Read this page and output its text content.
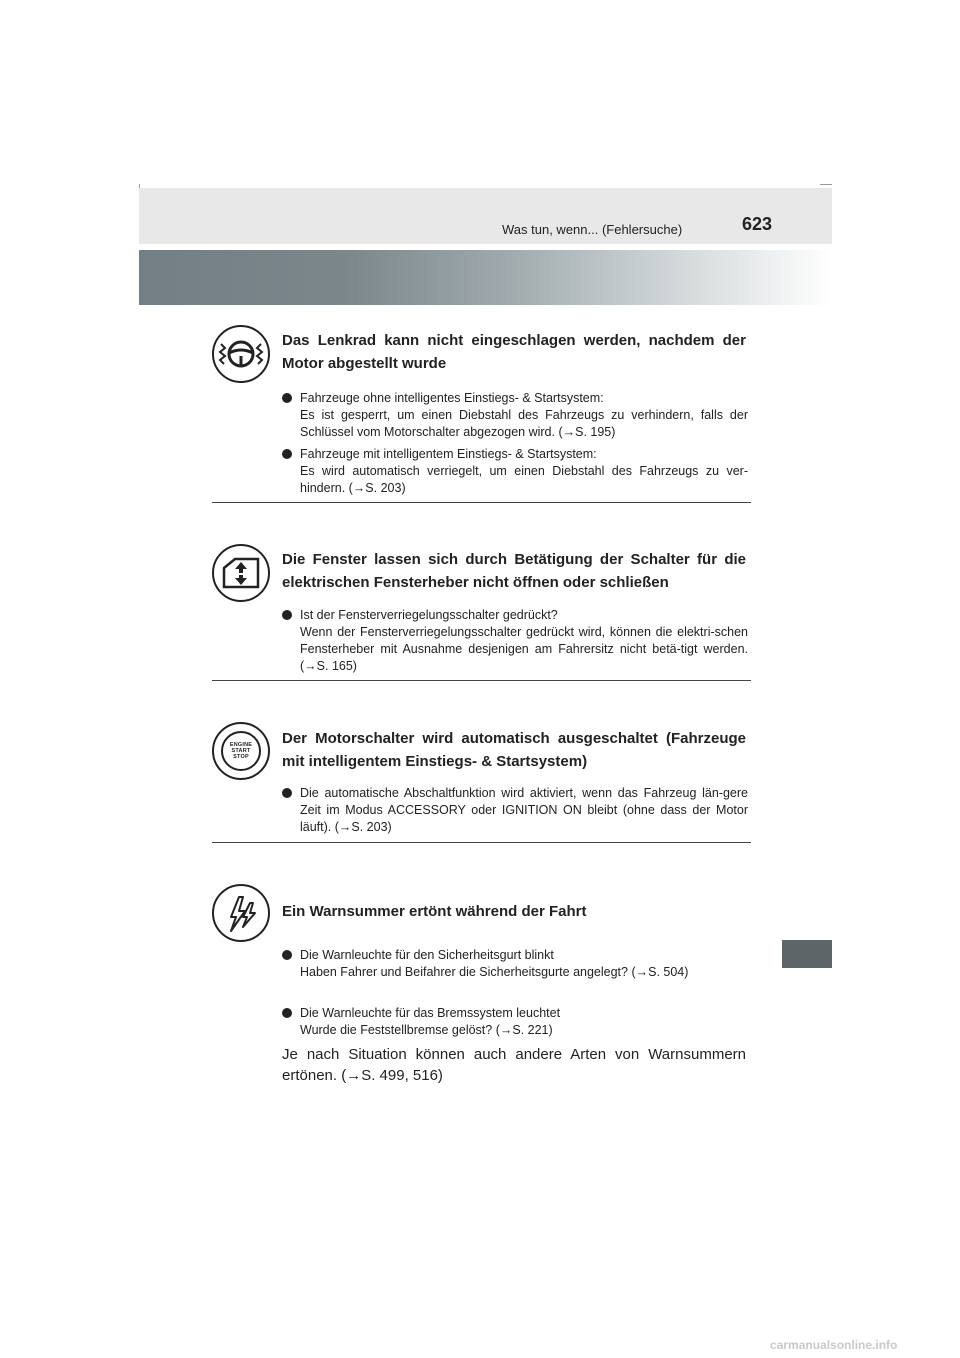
Was tun, wenn... (Fehlersuche)	623
Das Lenkrad kann nicht eingeschlagen werden, nachdem der Motor abgestellt wurde
Fahrzeuge ohne intelligentes Einstiegs- & Startsystem:
Es ist gesperrt, um einen Diebstahl des Fahrzeugs zu verhindern, falls der Schlüssel vom Motorschalter abgezogen wird. (→S. 195)
Fahrzeuge mit intelligentem Einstiegs- & Startsystem:
Es wird automatisch verriegelt, um einen Diebstahl des Fahrzeugs zu ver-hindern. (→S. 203)
Die Fenster lassen sich durch Betätigung der Schalter für die elektrischen Fensterheber nicht öffnen oder schließen
Ist der Fensterverriegelungsschalter gedrückt?
Wenn der Fensterverriegelungsschalter gedrückt wird, können die elektri-schen Fensterheber mit Ausnahme desjenigen am Fahrersitz nicht betä-tigt werden. (→S. 165)
ENGINE
START
STOP
Der Motorschalter wird automatisch ausgeschaltet (Fahrzeuge mit intelligentem Einstiegs- & Startsystem)
Die automatische Abschaltfunktion wird aktiviert, wenn das Fahrzeug län-gere Zeit im Modus ACCESSORY oder IGNITION ON bleibt (ohne dass der Motor läuft). (→S. 203)
Ein Warnsummer ertönt während der Fahrt
Die Warnleuchte für den Sicherheitsgurt blinkt
Haben Fahrer und Beifahrer die Sicherheitsgurte angelegt? (→S. 504)
Die Warnleuchte für das Bremssystem leuchtet
Wurde die Feststellbremse gelöst? (→S. 221)
Je nach Situation können auch andere Arten von Warnsummern ertönen. (→S. 499, 516)
carmanualsonline.info
